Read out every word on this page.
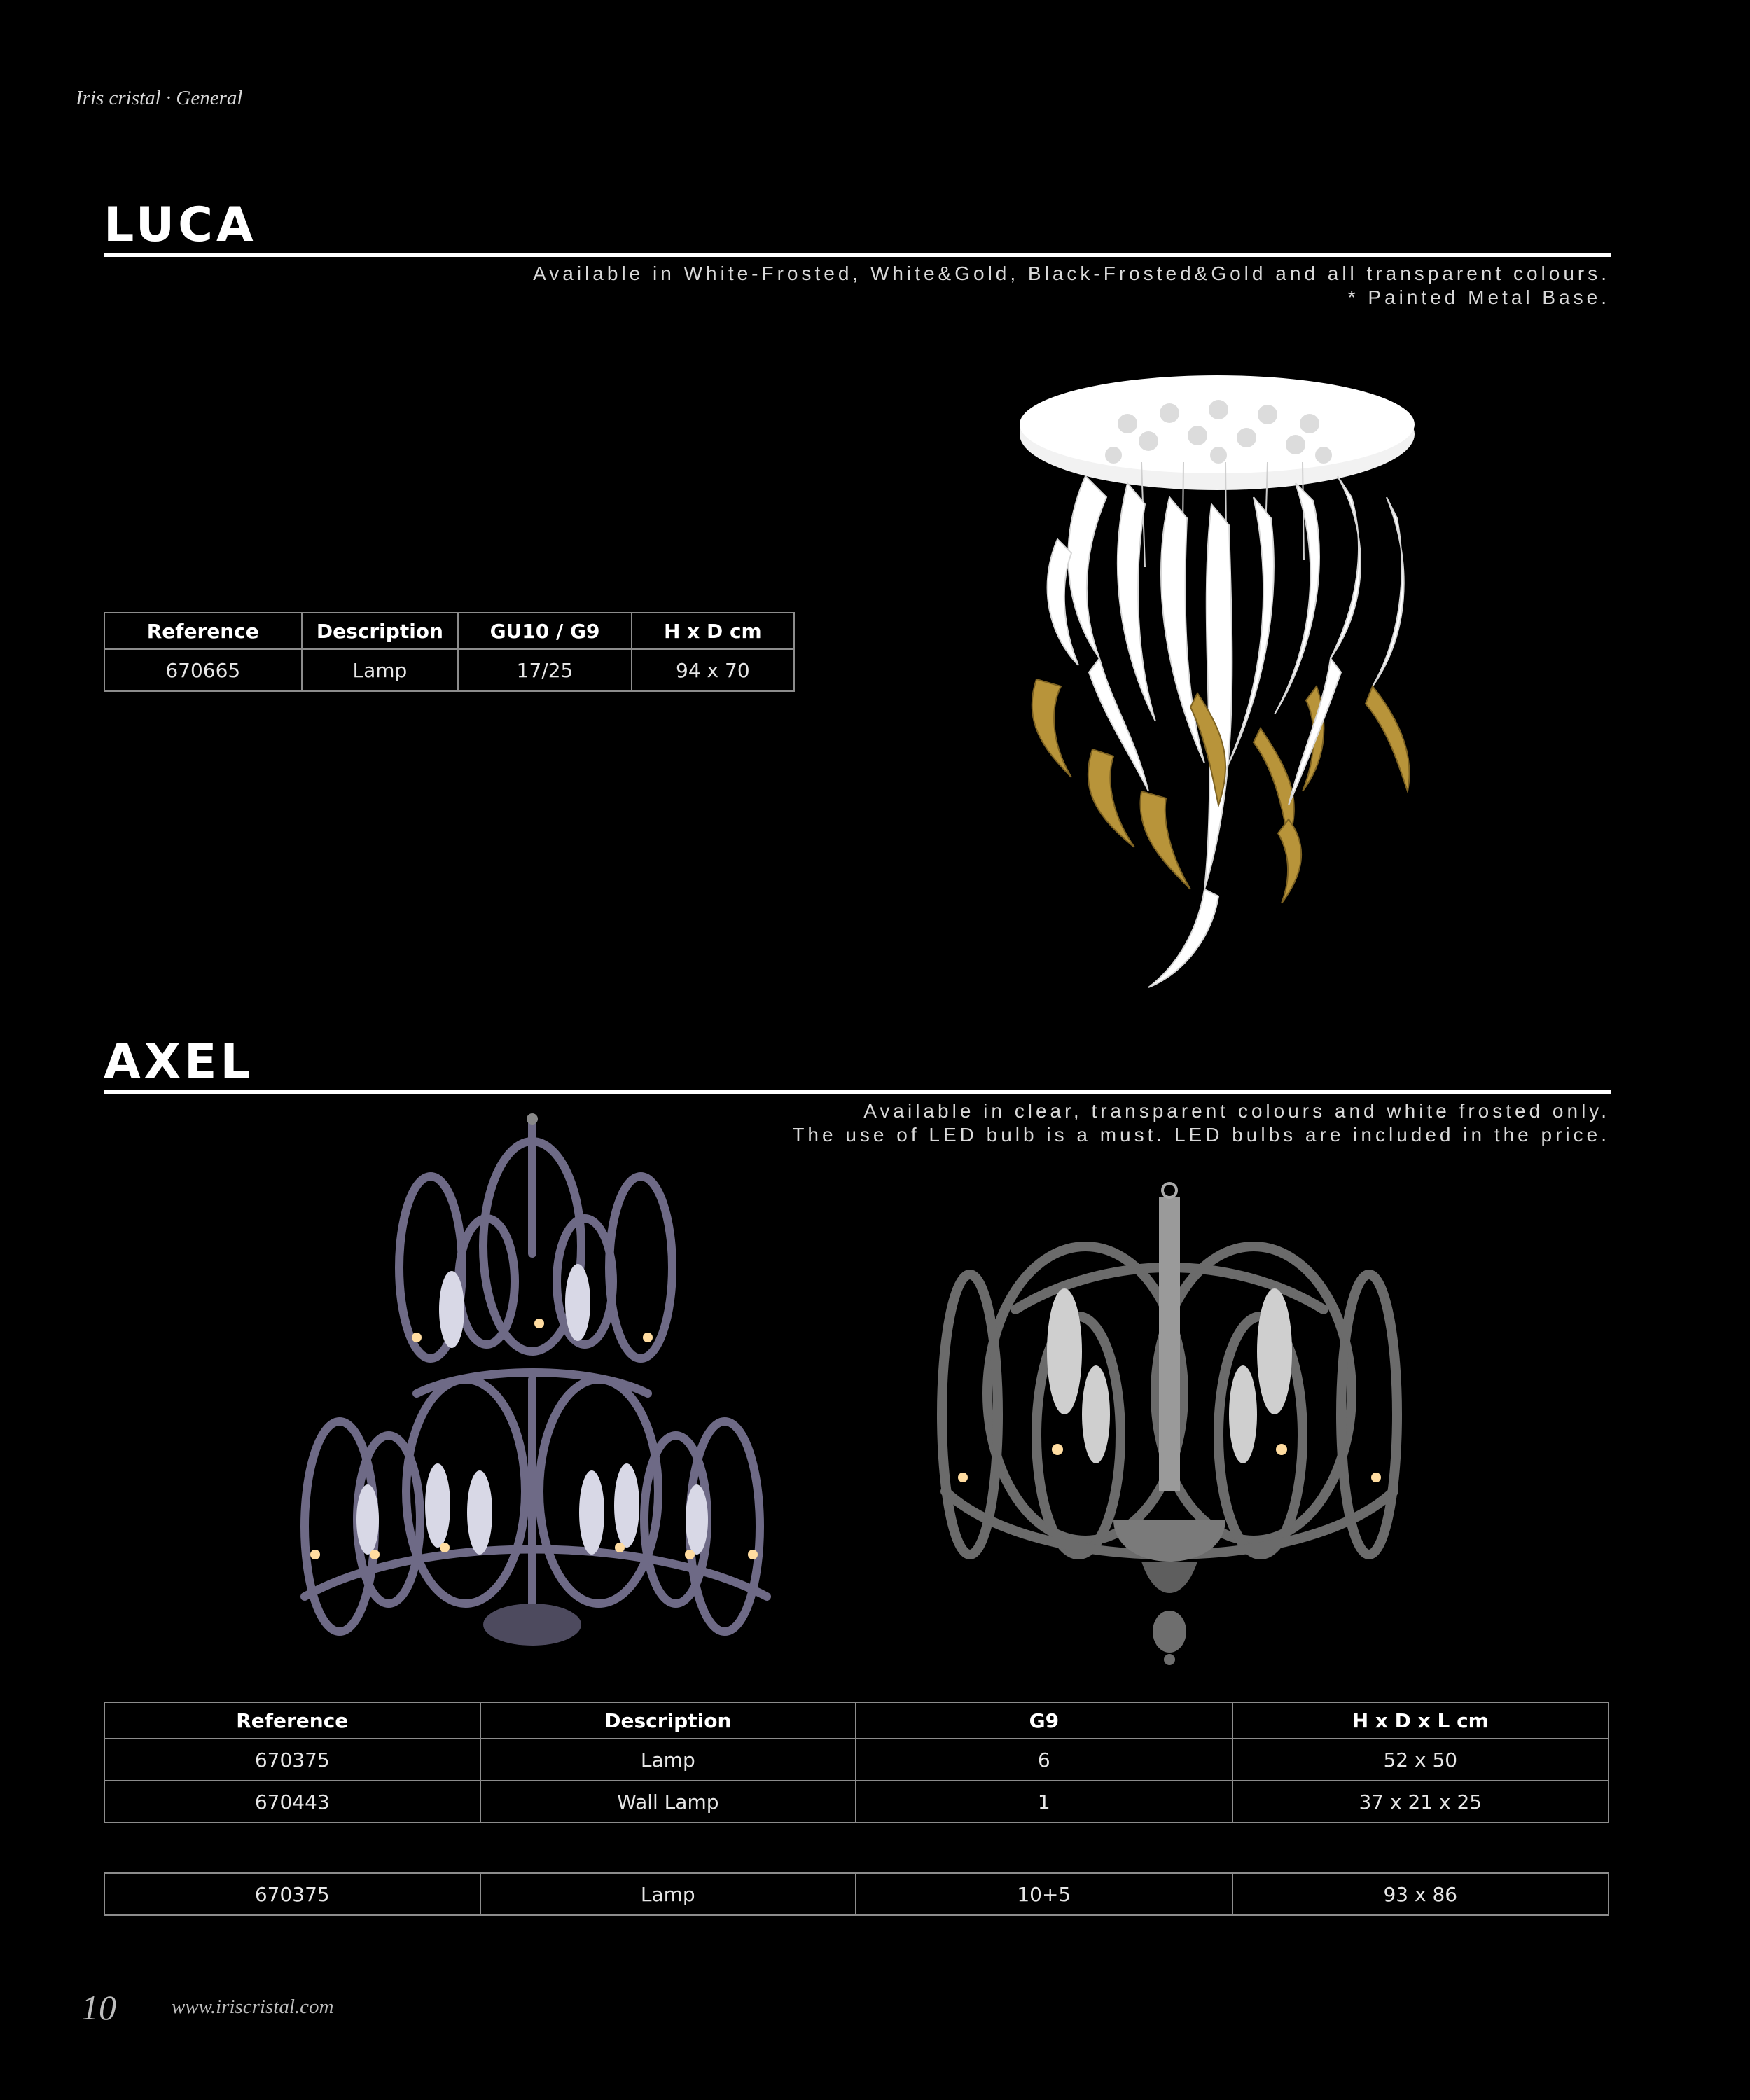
Iris cristal · General
LUCA
Available in White-Frosted, White&Gold, Black-Frosted&Gold and all transparent colours.
* Painted Metal Base.
Reference	Description	GU10 / G9	H x D cm
670665	Lamp	17/25	94 x 70
AXEL
Available in clear, transparent colours and white frosted only.
The use of LED bulb is a must. LED bulbs are included in the price.
Reference	Description	G9	H x D x L cm
670375	Lamp	6	52 x 50
670443	Wall Lamp	1	37 x 21 x 25
670375	Lamp	10+5	93 x 86
10	www.iriscristal.com
